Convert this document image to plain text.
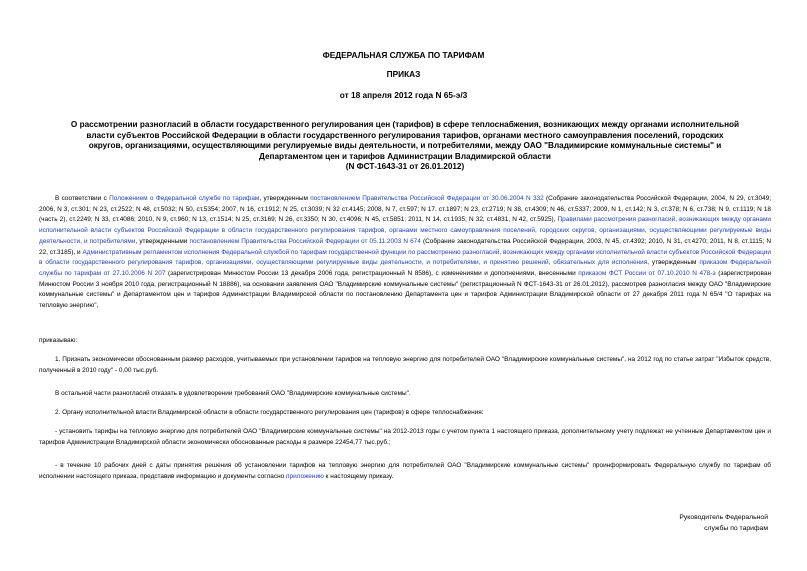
ФЕДЕРАЛЬНАЯ СЛУЖБА ПО ТАРИФАМ
ПРИКАЗ
от 18 апреля 2012 года N 65-э/3
О рассмотрении разногласий в области государственного регулирования цен (тарифов) в сфере теплоснабжения, возникающих между органами исполнительной
власти субъектов Российской Федерации в области государственного регулирования тарифов, органами местного самоуправления поселений, городских
округов, организациями, осуществляющими регулируемые виды деятельности, и потребителями, между ОАО "Владимирские коммунальные системы" и
Департаментом цен и тарифов Администрации Владимирской области
(N ФСТ-1643-31 от 26.01.2012)
В соответствии с Положением о Федеральной службе по тарифам, утвержденным постановлением Правительства Российской Федерации от 30.06.2004 N 332 (Собрание законодательства Российской Федерации, 2004, N 29, ст.3049; 2006, N 3, ст.301; N 23, ст.2522; N 48, ст.5032; N 50, ст.5354; 2007, N 16, ст.1912; N 25, ст.3039; N 32 ст.4145; 2008, N 7, ст.597; N 17. ст.1897; N 23, ст.2719; N 38, ст.4309; N 46, ст.5337; 2009, N 1, ст.142; N 3, ст.378; N 6, ст.738; N 9, ст.1119; N 18 (часть 2), ст.2249; N 33, ст.4086; 2010, N 9, ст.960; N 13, ст.1514; N 25, ст.3169; N 26, ст.3350; N 30, ст.4096; N 45, ст.5851; 2011, N 14, ст.1935; N 32, ст.4831, N 42, ст.5925), Правилами рассмотрения разногласий, возникающих между органами исполнительной власти субъектов Российской Федерации в области государственного регулирования тарифов, органами местного самоуправления поселений, городских округов, организациями, осуществляющими регулируемые виды деятельности, и потребителями, утвержденными постановлением Правительства Российской Федерации от 05.11.2003 N 674 (Собрание законодательства Российской Федерации, 2003, N 45, ст.4392; 2010, N 31, ст.4270; 2011, N 8, ст.1115; N 22, ст.3185), и Административным регламентом исполнения Федеральной службой по тарифам государственной функции по рассмотрению разногласий, возникающих между органами исполнительной власти субъектов Российской Федерации в области государственного регулирования тарифов, организациями, осуществляющими регулируемые виды деятельности, и потребителями, и принятию решений, обязательных для исполнения, утвержденным приказом Федеральной службы по тарифам от 27.10.2006 N 207 (зарегистрирован Минюстом России 13 декабря 2006 года, регистрационный N 8586), с изменениями и дополнениями, внесенными приказом ФСТ России от 07.10.2010 N 478-э (зарегистрирован Минюстом России 3 ноября 2010 года, регистрационный N 18886), на основании заявления ОАО "Владимирские коммунальные системы" (регистрационный N ФСТ-1643-31 от 26.01.2012), рассмотрев разногласия между ОАО "Владимирские коммунальные системы" и Департаментом цен и тарифов Администрации Владимирской области по постановлению Департамента цен и тарифов Администрации Владимирской области от 27 декабря 2011 года N 65/4 "О тарифах на тепловую энергию",
приказываю:
1. Признать экономически обоснованным размер расходов, учитываемых при установлении тарифов на тепловую энергию для потребителей ОАО "Владимирские коммунальные системы", на 2012 год по статье затрат "Избыток средств, полученный в 2010 году" - 0,00 тыс.руб.
В остальной части разногласий отказать в удовлетворении требований ОАО "Владимирские коммунальные системы".
2. Органу исполнительной власти Владимирской области в области государственного регулирования цен (тарифов) в сфере теплоснабжения:
- установить тарифы на тепловую энергию для потребителей ОАО "Владимирские коммунальные системы" на 2012-2013 годы с учетом пункта 1 настоящего приказа, дополнительному учету подлежат не учтенные Департаментом цен и тарифов Администрации Владимирской области экономически обоснованные расходы в размере 22454,77 тыс.руб.;
- в течение 10 рабочих дней с даты принятия решения об установлении тарифов на тепловую энергию для потребителей ОАО "Владимирские коммунальные системы" проинформировать Федеральную службу по тарифам об исполнении настоящего приказа, представив информацию и документы согласно приложению к настоящему приказу.
Руководитель Федеральной
службы по тарифам
